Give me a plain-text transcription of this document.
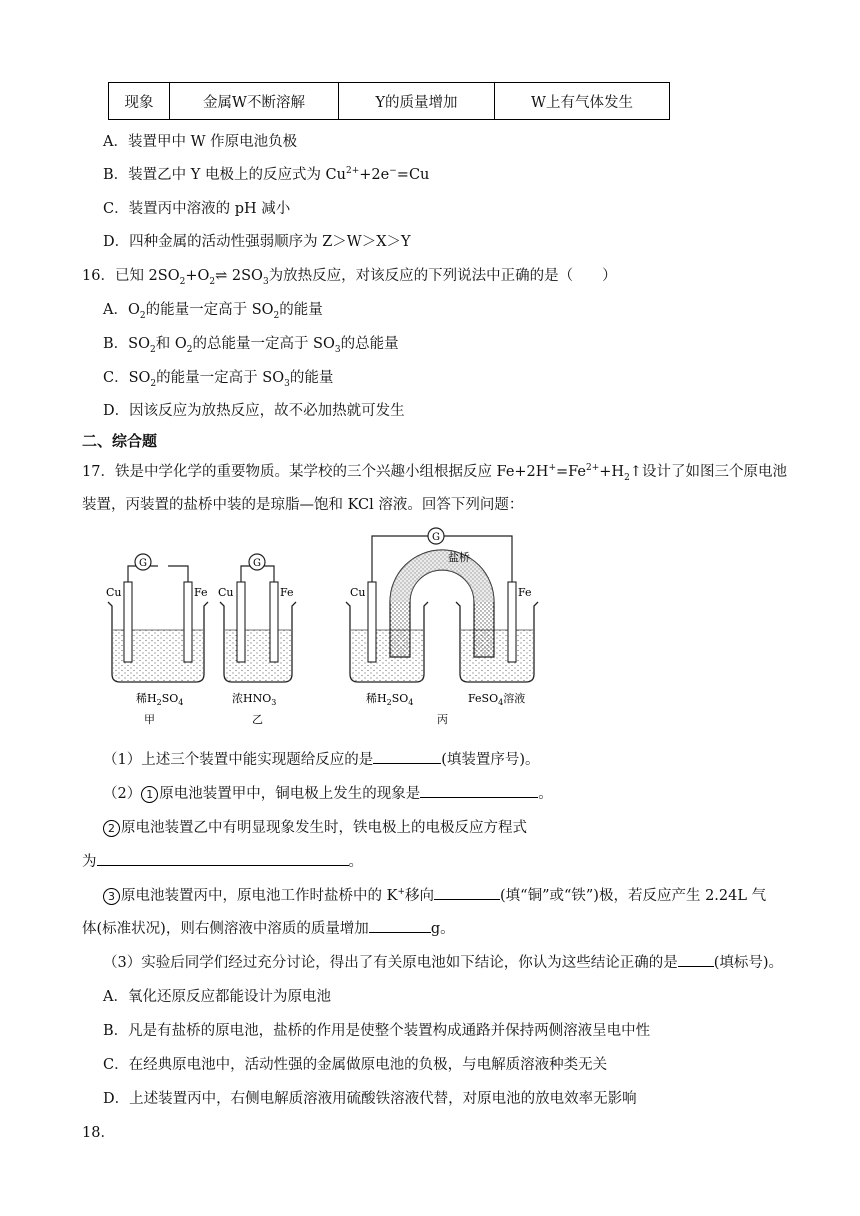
现象	金属W不断溶解	Y的质量增加	W上有气体发生
A．装置甲中 W 作原电池负极
B．装置乙中 Y 电极上的反应式为 $Cu^{2+}+2e^-=Cu$
C．装置丙中溶液的 pH 减小
D．四种金属的活动性强弱顺序为 Z＞W＞X＞Y
16．已知 $2SO_2+O_2\rightleftharpoons$ $2SO_3$为放热反应，对该反应的下列说法中正确的是（　　）
A．$O_2$的能量一定高于 $SO_2$的能量
B．$SO_2$和 $O_2$的总能量一定高于 $SO_3$的总能量
C．$SO_2$的能量一定高于 $SO_3$的能量
D．因该反应为放热反应，故不必加热就可发生
二、综合题
17．铁是中学化学的重要物质。某学校的三个兴趣小组根据反应 $Fe+2H^+=Fe^{2+}+H_2↑$设计了如图三个原电池
装置，丙装置的盐桥中装的是琼脂—饱和 KCl 溶液。回答下列问题：
G
Cu	Fe
稀$H_2SO_4$
甲
G
Cu	Fe
浓$HNO_3$
乙
G
盐桥
Cu	Fe
稀$H_2SO_4$	FeSO$_4$溶液
丙
（1）上述三个装置中能实现题给反应的是	(填装置序号)。
（2） 1 原电池装置甲中，铜电极上发生的现象是	。
2 原电池装置乙中有明显现象发生时，铁电极上的电极反应方程式
为	。
3 原电池装置丙中，原电池工作时盐桥中的 K+移向	(填“铜”或“铁”)极，若反应产生 2.24L 气
体(标准状况)，则右侧溶液中溶质的质量增加	g。
（3）实验后同学们经过充分讨论，得出了有关原电池如下结论，你认为这些结论正确的是 (填标号)。
A．氧化还原反应都能设计为原电池
B．凡是有盐桥的原电池，盐桥的作用是使整个装置构成通路并保持两侧溶液呈电中性
C．在经典原电池中，活动性强的金属做原电池的负极，与电解质溶液种类无关
D．上述装置丙中，右侧电解质溶液用硫酸铁溶液代替，对原电池的放电效率无影响
18．
